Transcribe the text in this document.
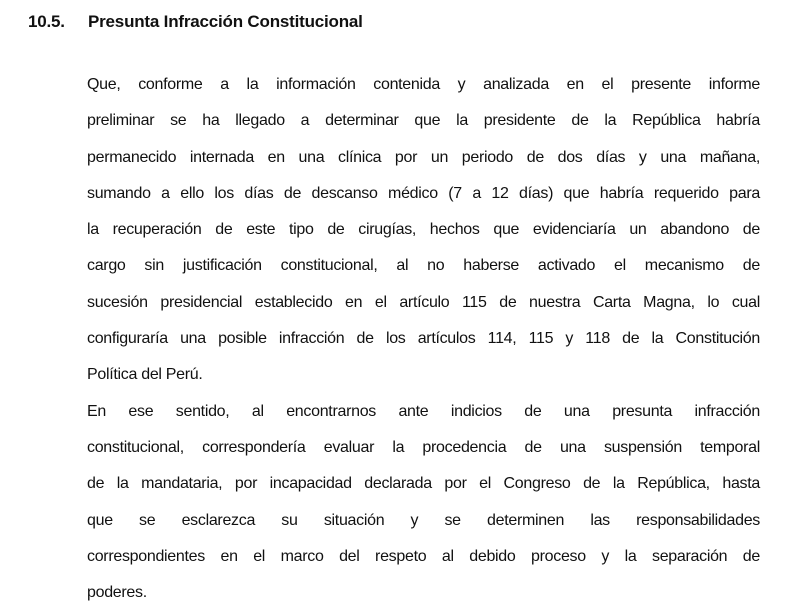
10.5. Presunta Infracción Constitucional
Que, conforme a la información contenida y analizada en el presente informe
preliminar se ha llegado a determinar que la presidente de la República habría
permanecido internada en una clínica por un periodo de dos días y una mañana,
sumando a ello los días de descanso médico (7 a 12 días) que habría requerido para
la recuperación de este tipo de cirugías, hechos que evidenciaría un abandono de
cargo sin justificación constitucional, al no haberse activado el mecanismo de
sucesión presidencial establecido en el artículo 115 de nuestra Carta Magna, lo cual
configuraría una posible infracción de los artículos 114, 115 y 118 de la Constitución
Política del Perú.
En ese sentido, al encontrarnos ante indicios de una presunta infracción
constitucional, correspondería evaluar la procedencia de una suspensión temporal
de la mandataria, por incapacidad declarada por el Congreso de la República, hasta
que se esclarezca su situación y se determinen las responsabilidades
correspondientes en el marco del respeto al debido proceso y la separación de
poderes.
